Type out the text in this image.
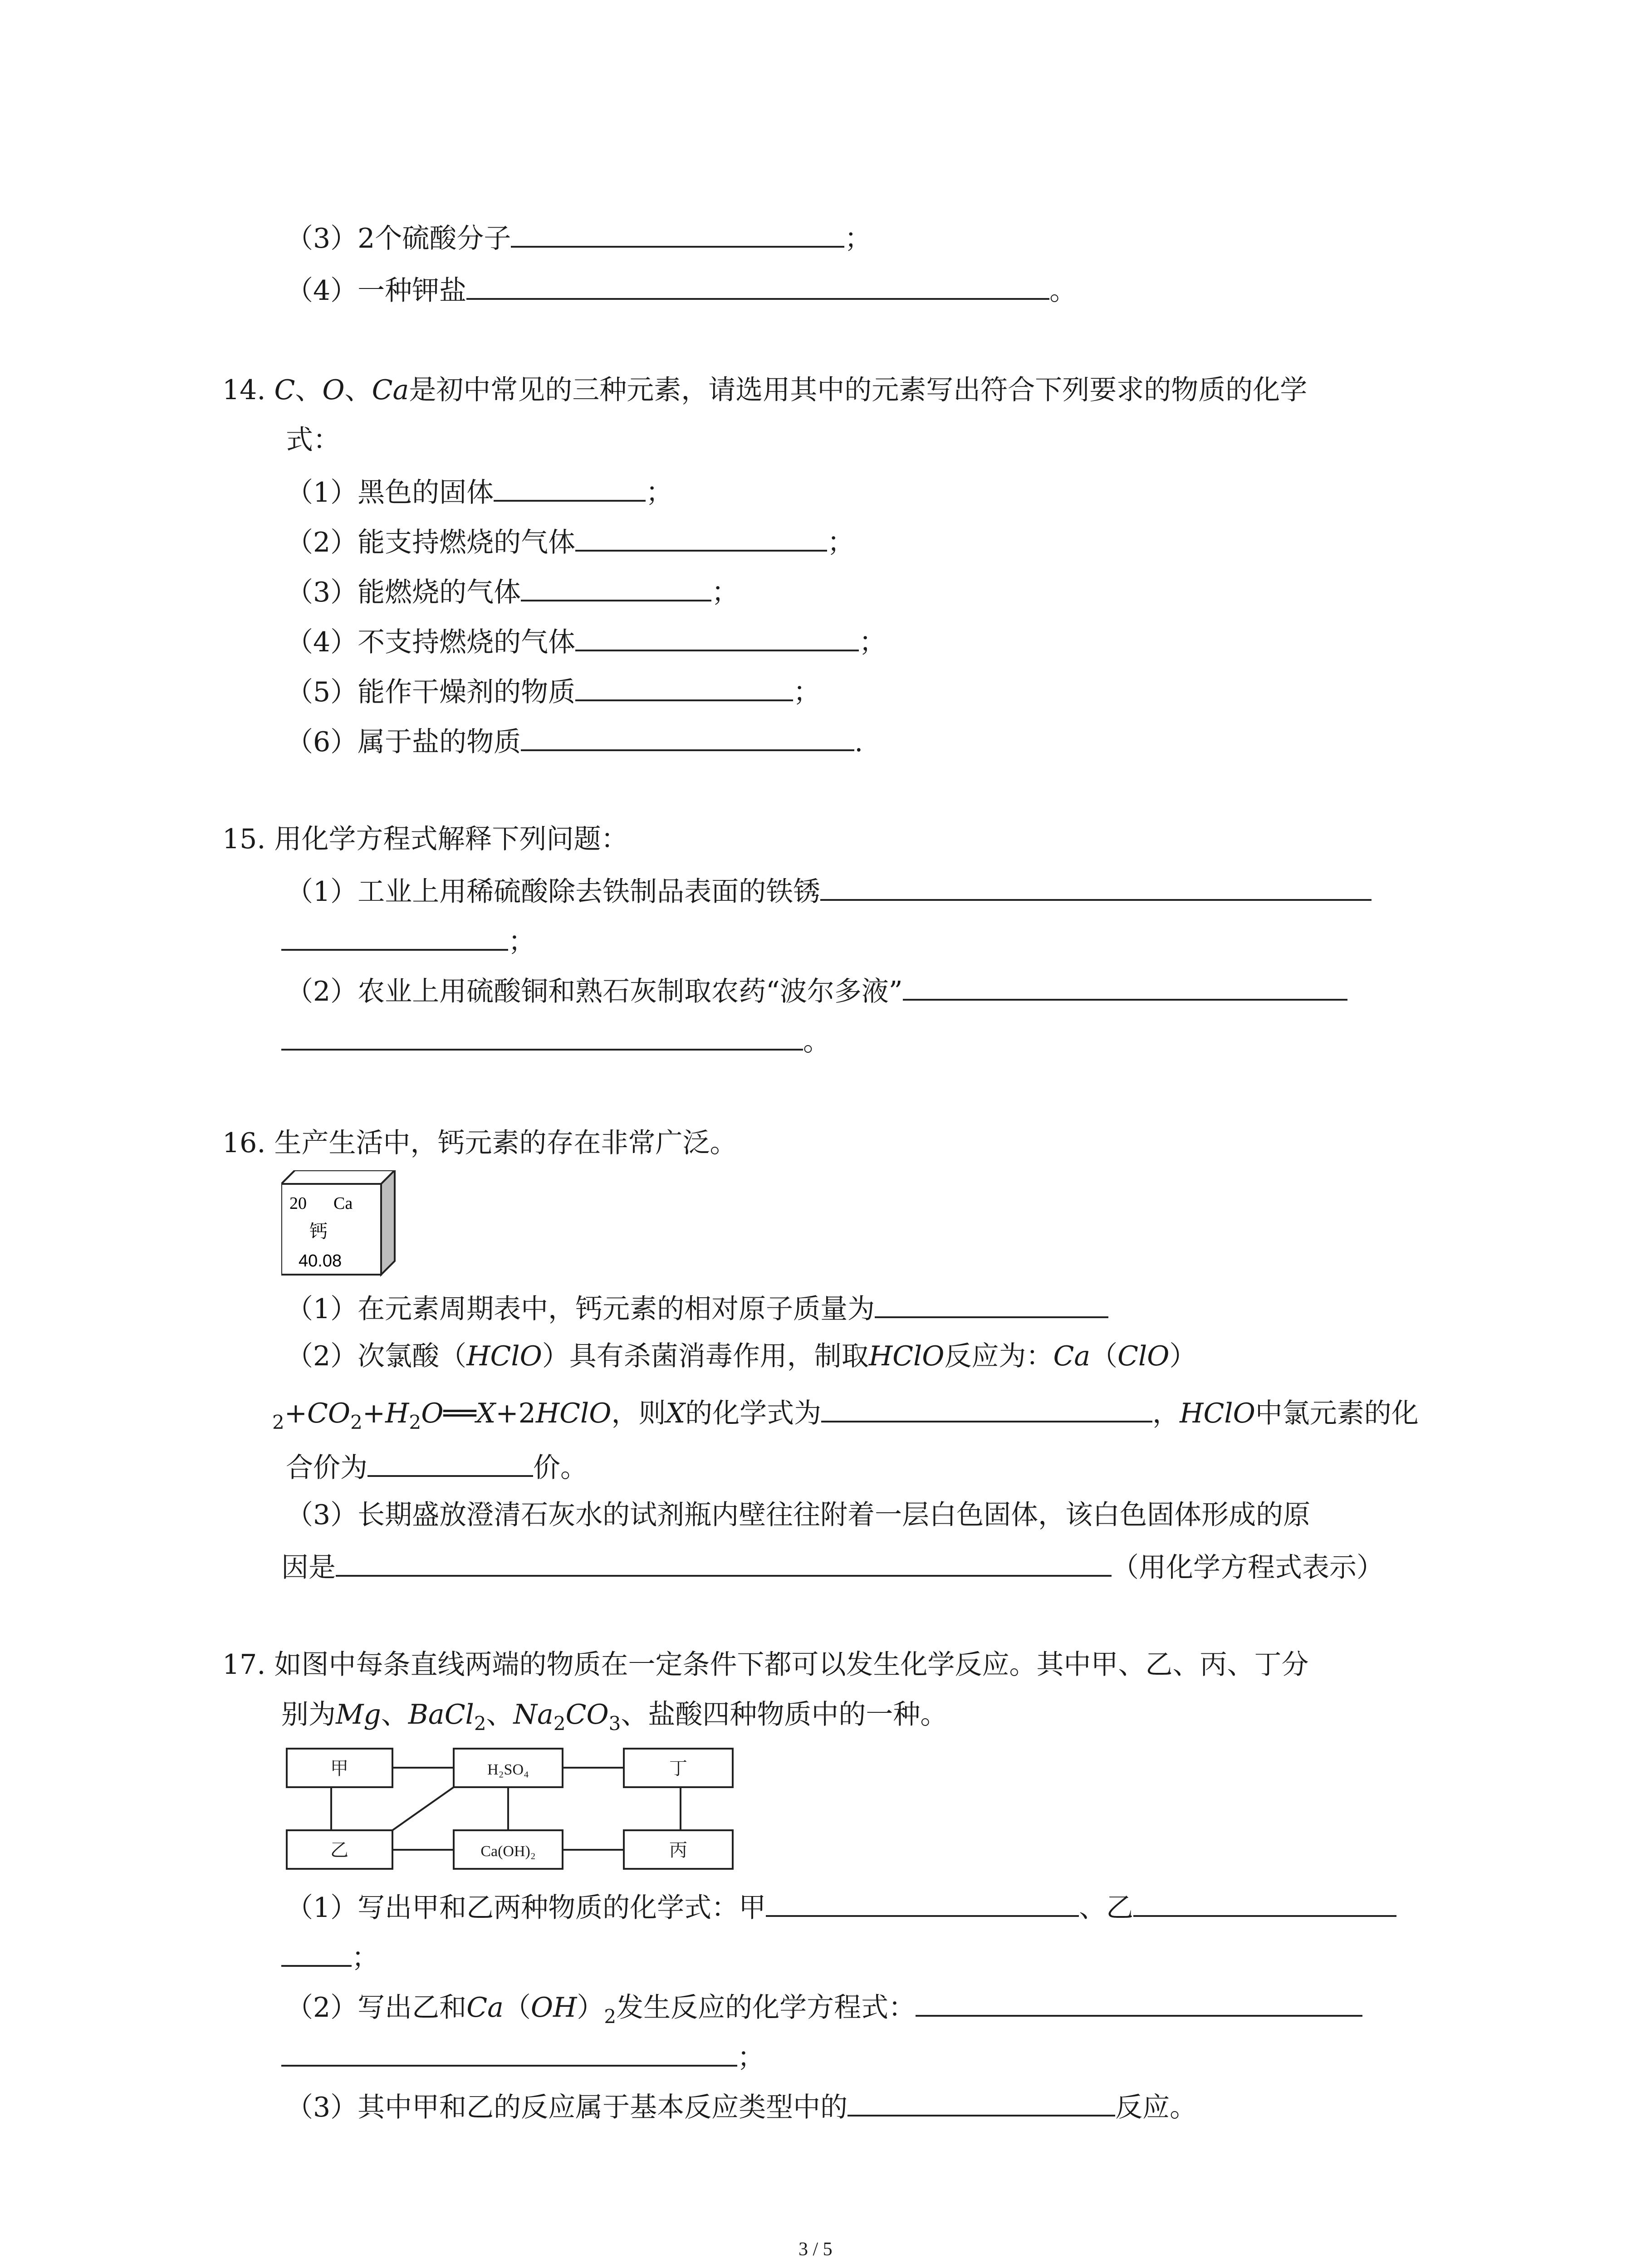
（3）2个硫酸分子	；
（4）一种钾盐	。
14. C、O、Ca是初中常见的三种元素，请选用其中的元素写出符合下列要求的物质的化学
式：
（1）黑色的固体	；
（2）能支持燃烧的气体	；
（3）能燃烧的气体	；
（4）不支持燃烧的气体	；
（5）能作干燥剂的物质	；
（6）属于盐的物质	.
15. 用化学方程式解释下列问题：
（1）工业上用稀硫酸除去铁制品表面的铁锈
；
（2）农业上用硫酸铜和熟石灰制取农药“波尔多液”
。
16. 生产生活中，钙元素的存在非常广泛。
20 Ca
钙
40.08
（1）在元素周期表中，钙元素的相对原子质量为
（2）次氯酸（HClO）具有杀菌消毒作用，制取HClO反应为：Ca（ClO）
$_2+CO_2+H_2O══X+2HClO$，则X的化学式为	，HClO中氯元素的化
合价为	价。
（3）长期盛放澄清石灰水的试剂瓶内壁往往附着一层白色固体，该白色固体形成的原
因是	（用化学方程式表示）
17. 如图中每条直线两端的物质在一定条件下都可以发生化学反应。其中甲、乙、丙、丁分
别为Mg、BaCl$_2$、$Na_2CO_3$、盐酸四种物质中的一种。
甲	H₂SO₄	丁
乙	Ca(OH)₂	丙
（1）写出甲和乙两种物质的化学式：甲	、乙
；
（2）写出乙和$Ca(OH)_2$发生反应的化学方程式：
；
（3）其中甲和乙的反应属于基本反应类型中的	反应。
3 / 5
